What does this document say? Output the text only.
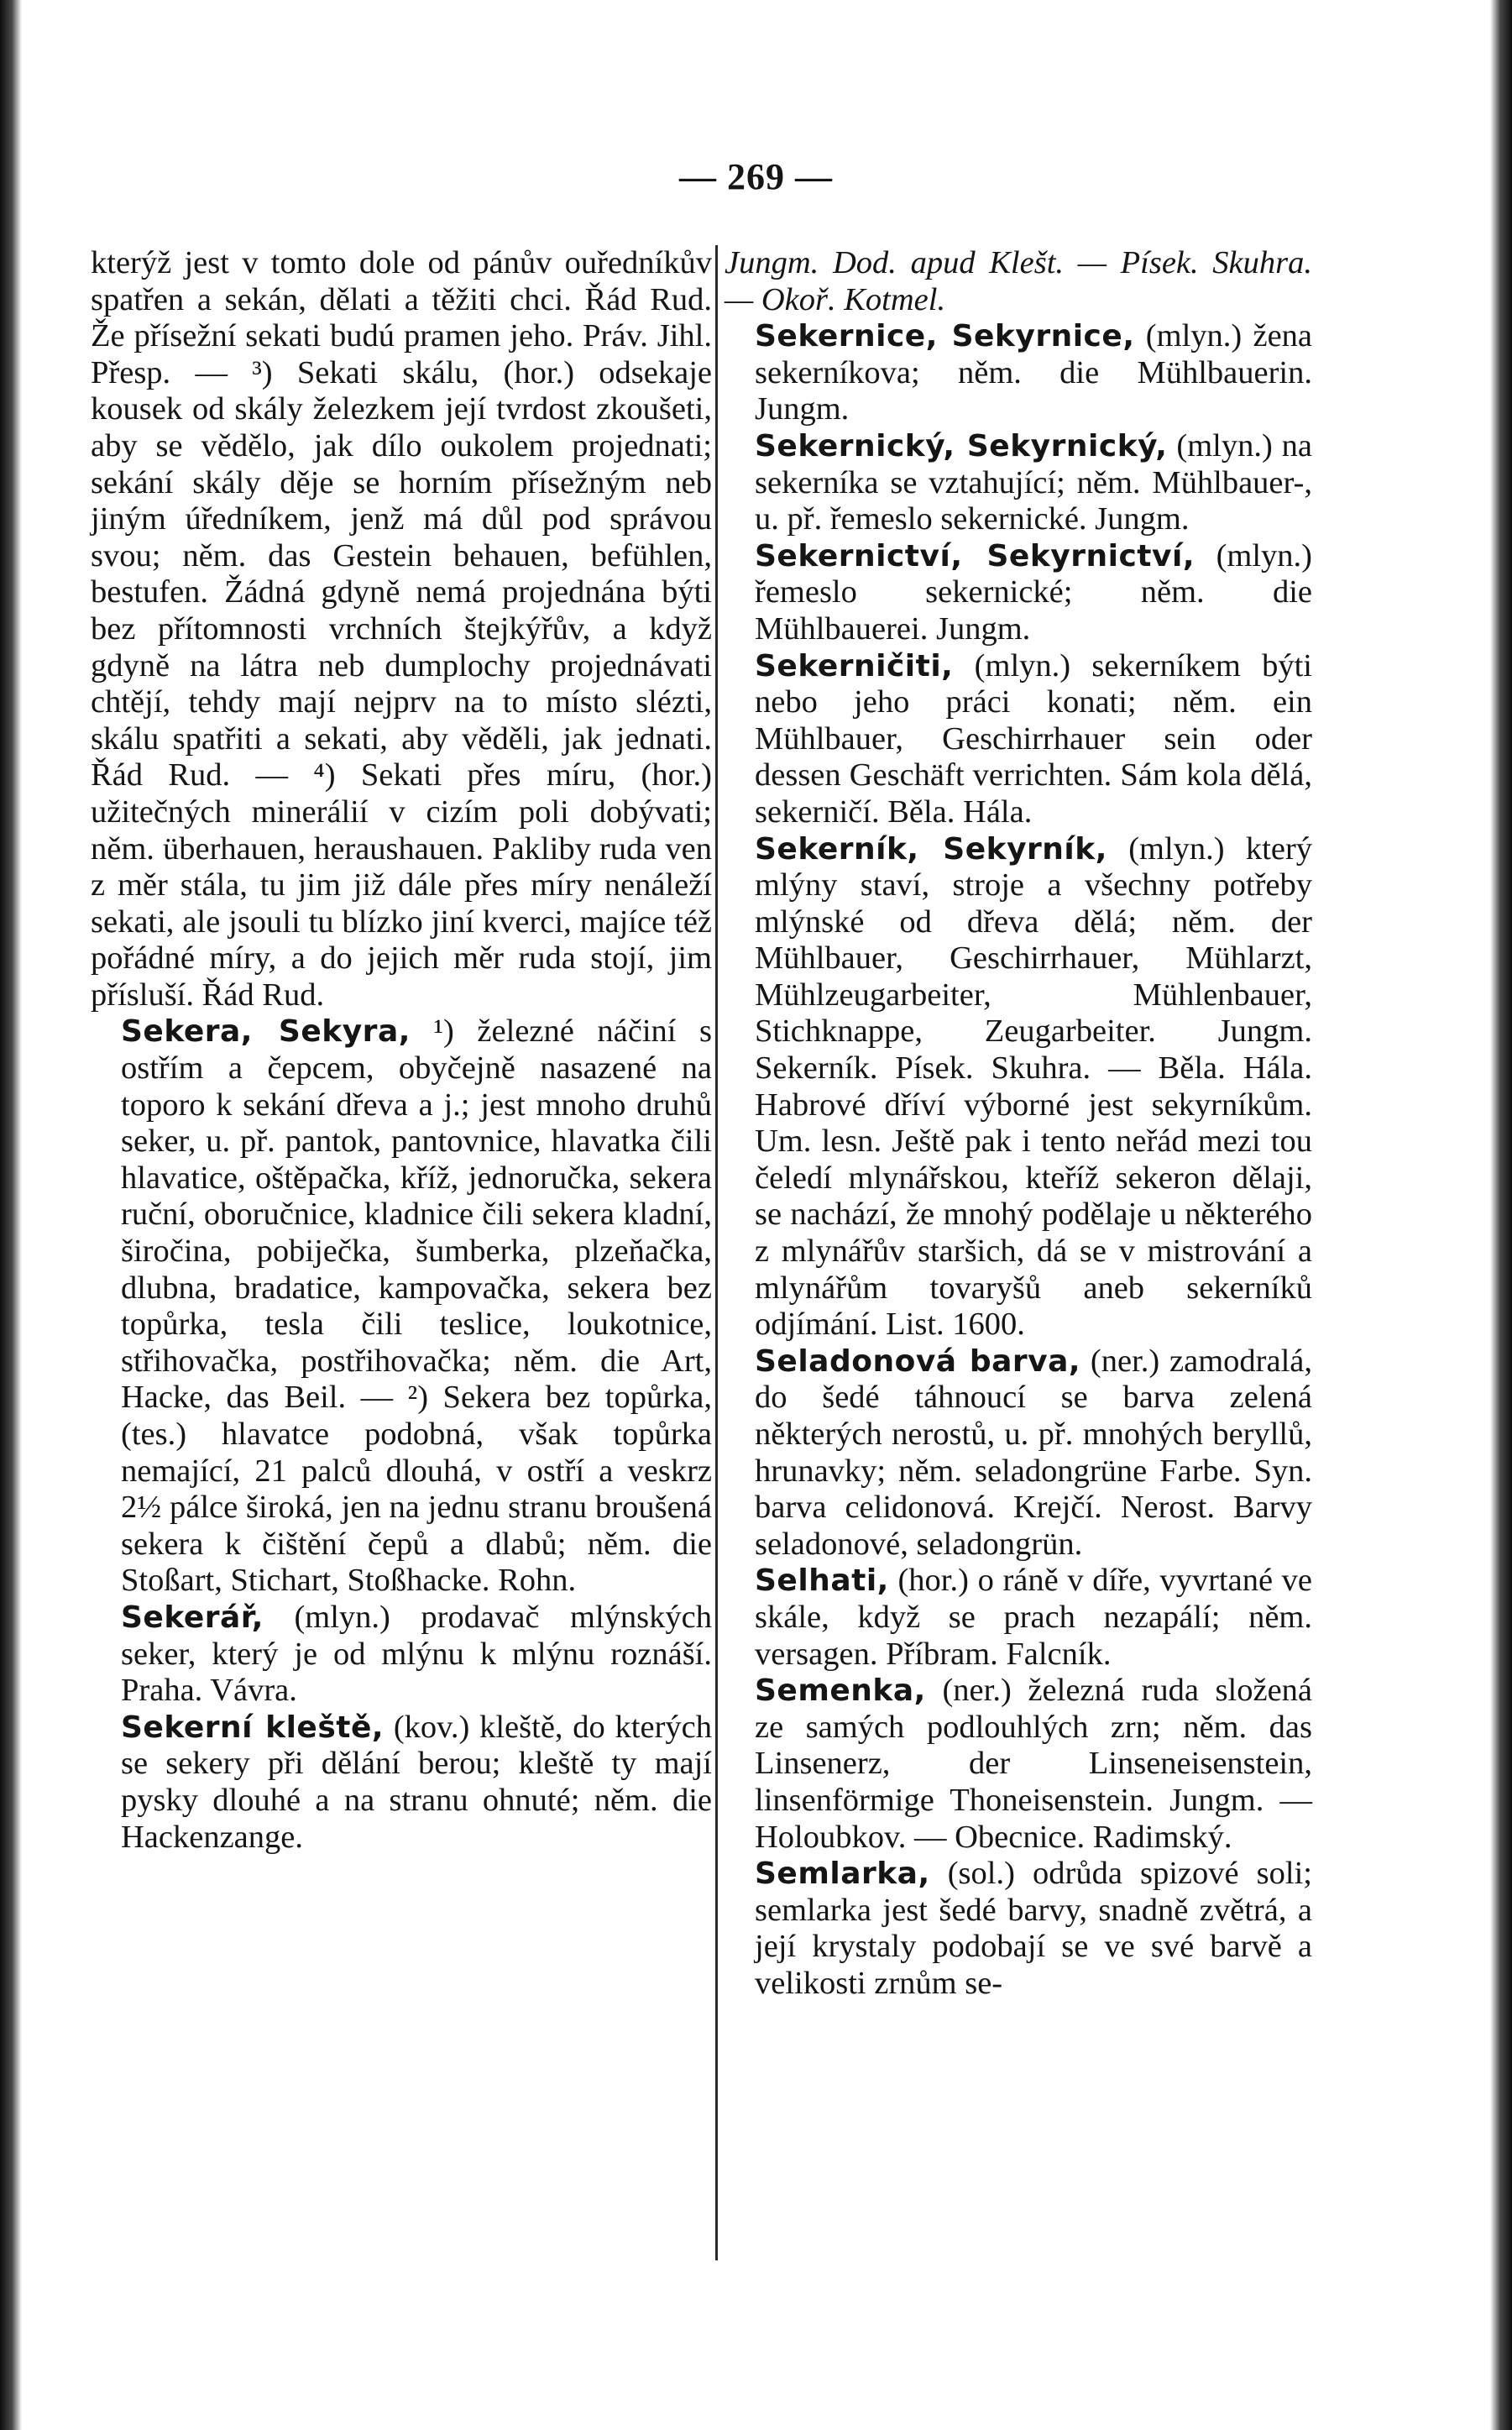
— 269 —

kterýž jest v tomto dole od pánův ouředníkův spatřen a sekán, dělati a těžiti chci. Řád Rud. Že přísežní sekati budú pramen jeho. Práv. Jihl. Přesp. — ³) Sekati skálu, (hor.) odsekaje kousek od skály železkem její tvrdost zkoušeti, aby se vědělo, jak dílo oukolem projednati; sekání skály děje se horním přísežným neb jiným úředníkem, jenž má důl pod správou svou; něm. das Gestein behauen, befühlen, bestufen. Žádná gdyně nemá projednána býti bez přítomnosti vrchních štejkýřův, a když gdyně na látra neb dumplochy projednávati chtějí, tehdy mají nejprv na to místo slézti, skálu spatřiti a sekati, aby věděli, jak jednati. Řád Rud. — ⁴) Sekati přes míru, (hor.) užitečných minerálií v cizím poli dobývati; něm. überhauen, heraushauen. Pakliby ruda ven z měr stála, tu jim již dále přes míry nenáleží sekati, ale jsouli tu blízko jiní kverci, majíce též pořádné míry, a do jejich měr ruda stojí, jim přísluší. Řád Rud.

Sekera, Sekyra, ¹) železné náčiní s ostřím a čepcem, obyčejně nasazené na toporo k sekání dřeva a j.; jest mnoho druhů seker, u. př. pantok, pantovnice, hlavatka čili hlavatice, oštěpačka, kříž, jednoručka, sekera ruční, oboručnice, kladnice čili sekera kladní, širočina, pobiječka, šumberka, plzeňačka, dlubna, bradatice, kampovačka, sekera bez topůrka, tesla čili teslice, loukotnice, střihovačka, postřihovačka; něm. die Art, Hacke, das Beil. — ²) Sekera bez topůrka, (tes.) hlavatce podobná, však topůrka nemající, 21 palců dlouhá, v ostří a veskrz 2½ pálce široká, jen na jednu stranu broušená sekera k čištění čepů a dlabů; něm. die Stoßart, Stichart, Stoßhacke. Rohn.

Sekerář, (mlyn.) prodavač mlýnských seker, který je od mlýnu k mlýnu roznáší. Praha. Vávra.

Sekerní kleště, (kov.) kleště, do kterých se sekery při dělání berou; kleště ty mají pysky dlouhé a na stranu ohnuté; něm. die Hackenzange.

Jungm. Dod. apud Klešt. — Písek. Skuhra. — Okoř. Kotmel.

Sekernice, Sekyrnice, (mlyn.) žena sekerníkova; něm. die Mühlbauerin. Jungm.

Sekernický, Sekyrnický, (mlyn.) na sekerníka se vztahující; něm. Mühlbauer-, u. př. řemeslo sekernické. Jungm.

Sekernictví, Sekyrnictví, (mlyn.) řemeslo sekernické; něm. die Mühlbauerei. Jungm.

Sekerničiti, (mlyn.) sekerníkem býti nebo jeho práci konati; něm. ein Mühlbauer, Geschirrhauer sein oder dessen Geschäft verrichten. Sám kola dělá, sekerničí. Běla. Hála.

Sekerník, Sekyrník, (mlyn.) který mlýny staví, stroje a všechny potřeby mlýnské od dřeva dělá; něm. der Mühlbauer, Geschirrhauer, Mühlarzt, Mühlzeugarbeiter, Mühlenbauer, Stichknappe, Zeugarbeiter. Jungm. Sekerník. Písek. Skuhra. — Běla. Hála. Habrové dříví výborné jest sekyrníkům. Um. lesn. Ještě pak i tento neřád mezi tou čeledí mlynářskou, kteříž sekeron dělaji, se nachází, že mnohý podělaje u některého z mlynářův staršich, dá se v mistrování a mlynářům tovaryšů aneb sekerníků odjímání. List. 1600.

Seladonová barva, (ner.) zamodralá, do šedé táhnoucí se barva zelená některých nerostů, u. př. mnohých beryllů, hrunavky; něm. seladongrüne Farbe. Syn. barva celidonová. Krejčí. Nerost. Barvy seladonové, seladongrün.

Selhati, (hor.) o ráně v díře, vyvrtané ve skále, když se prach nezapálí; něm. versagen. Příbram. Falcník.

Semenka, (ner.) železná ruda složená ze samých podlouhlých zrn; něm. das Linsenerz, der Linseneisenstein, linsenförmige Thoneisenstein. Jungm. — Holoubkov. — Obecnice. Radimský.

Semlarka, (sol.) odrůda spizové soli; semlarka jest šedé barvy, snadně zvětrá, a její krystaly podobají se ve své barvě a velikosti zrnům se-
